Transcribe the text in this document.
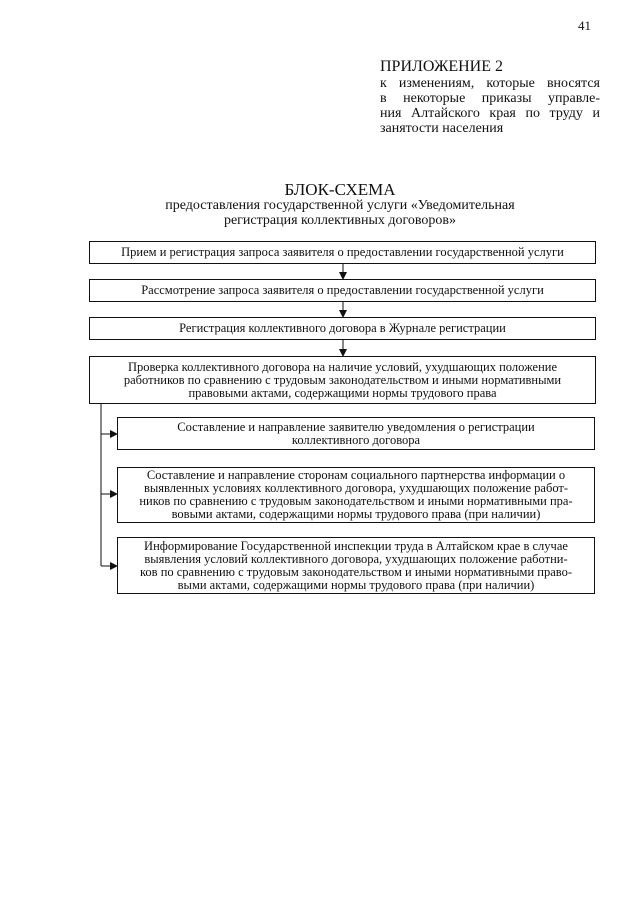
41
ПРИЛОЖЕНИЕ 2
к изменениям, которые вносятся
в некоторые приказы управле-
ния Алтайского края по труду и
занятости населения
БЛОК-СХЕМА
предоставления государственной услуги «Уведомительная
регистрация коллективных договоров»
Прием и регистрация запроса заявителя о предоставлении государственной услуги
Рассмотрение запроса заявителя о предоставлении государственной услуги
Регистрация коллективного договора в Журнале регистрации
Проверка коллективного договора на наличие условий, ухудшающих положение
работников по сравнению с трудовым законодательством и иными нормативными
правовыми актами, содержащими нормы трудового права
Составление и направление заявителю уведомления о регистрации
коллективного договора
Составление и направление сторонам социального партнерства информации о
выявленных условиях коллективного договора, ухудшающих положение работ-
ников по сравнению с трудовым законодательством и иными нормативными пра-
вовыми актами, содержащими нормы трудового права (при наличии)
Информирование Государственной инспекции труда в Алтайском крае в случае
выявления условий коллективного договора, ухудшающих положение работни-
ков по сравнению с трудовым законодательством и иными нормативными право-
выми актами, содержащими нормы трудового права (при наличии)
